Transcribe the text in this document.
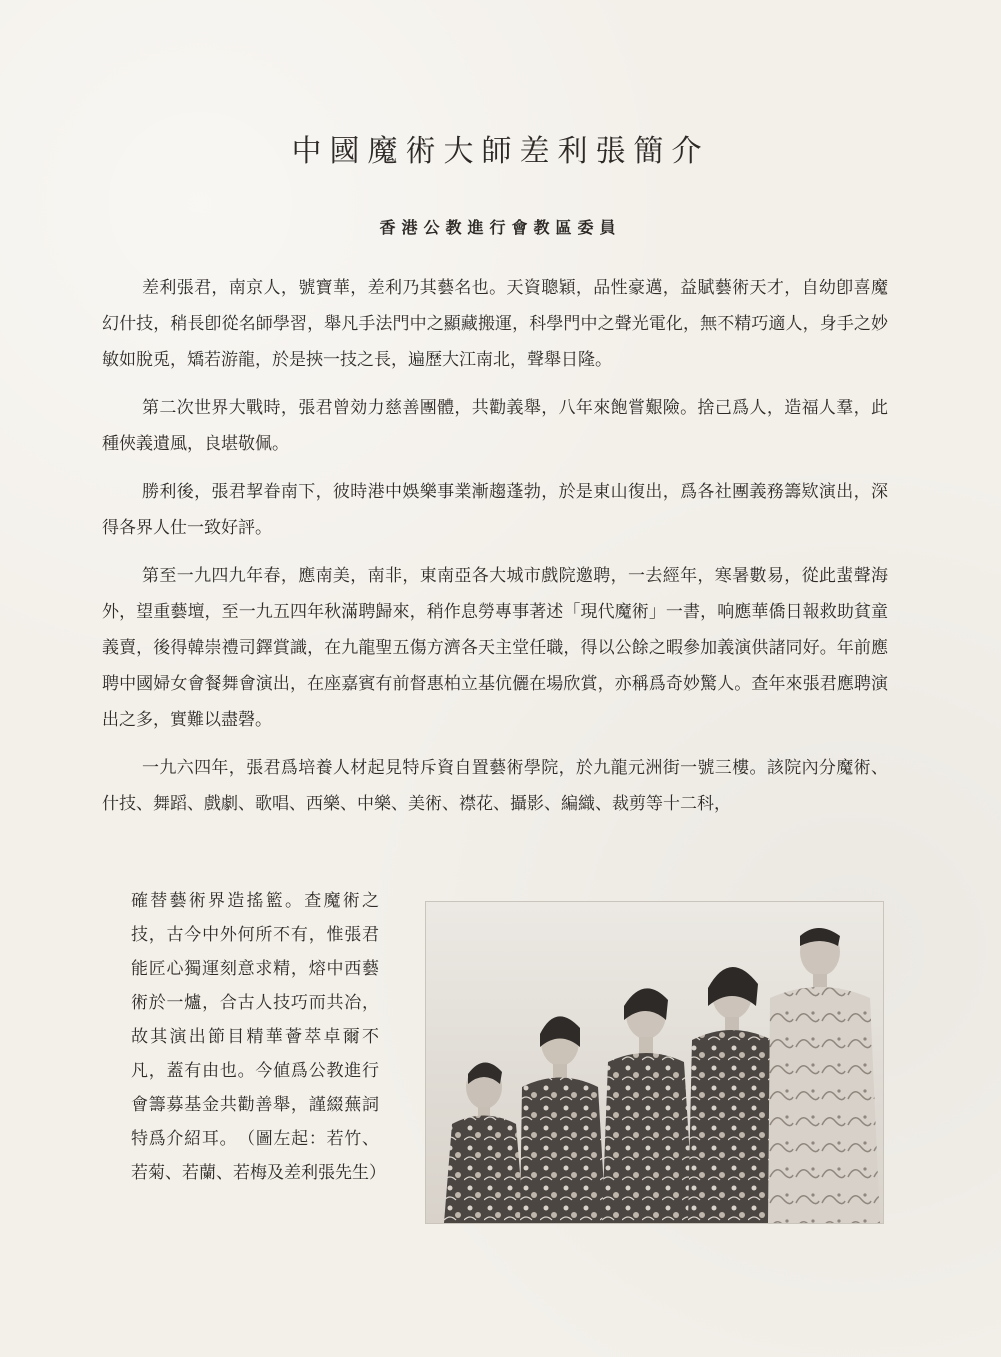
中國魔術大師差利張簡介
香港公教進行會教區委員

差利張君，南京人，號寶華，差利乃其藝名也。天資聰穎，品性豪邁，益賦藝術天才，自幼卽喜魔幻什技，稍長卽從名師學習，舉凡手法門中之顯藏搬運，科學門中之聲光電化，無不精巧適人，身手之妙敏如脫兎，矯若游龍，於是挾一技之長，遍歷大江南北，聲舉日隆。

第二次世界大戰時，張君曾効力慈善團體，共勸義舉，八年來飽嘗艱險。捨己爲人，造福人羣，此種俠義遺風，良堪敬佩。

勝利後，張君挈眷南下，彼時港中娛樂事業漸趨蓬勃，於是東山復出，爲各社團義務籌欵演出，深得各界人仕一致好評。

第至一九四九年春，應南美，南非，東南亞各大城市戲院邀聘，一去經年，寒暑數易，從此蜚聲海外，望重藝壇，至一九五四年秋滿聘歸來，稍作息勞專事著述「現代魔術」一書，响應華僑日報救助貧童義賣，後得韓崇禮司鐸賞識，在九龍聖五傷方濟各天主堂任職，得以公餘之暇參加義演供諸同好。年前應聘中國婦女會餐舞會演出，在座嘉賓有前督惠柏立基伉儷在場欣賞，亦稱爲奇妙驚人。查年來張君應聘演出之多，實難以盡磬。

一九六四年，張君爲培養人材起見特斥資自置藝術學院，於九龍元洲街一號三樓。該院內分魔術、什技、舞蹈、戲劇、歌唱、西樂、中樂、美術、襟花、攝影、編織、裁剪等十二科，

確替藝術界造搖籃。查魔術之技，古今中外何所不有，惟張君能匠心獨運刻意求精，熔中西藝術於一爐，合古人技巧而共冶，故其演出節目精華薈萃卓爾不凡，蓋有由也。今値爲公教進行會籌募基金共勸善舉，謹綴蕪詞特爲介紹耳。　（圖左起：若竹、若菊、若蘭、若梅及差利張先生）
